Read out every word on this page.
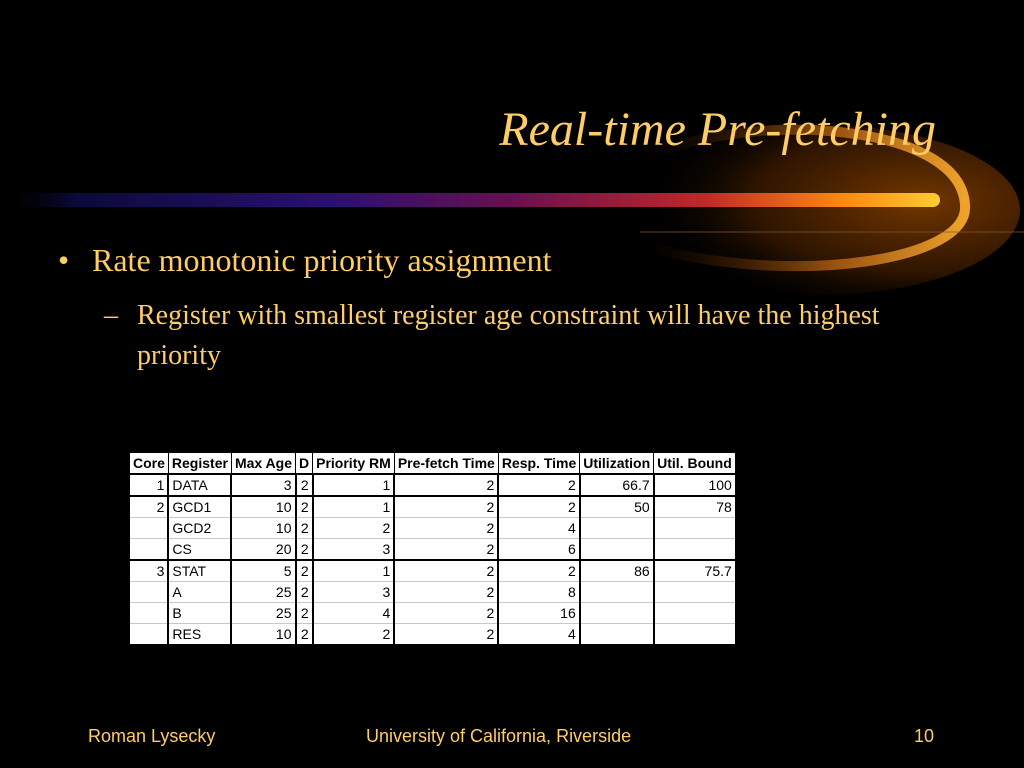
Real-time Pre-fetching
• Rate monotonic priority assignment
– Register with smallest register age constraint will have the highest priority
Core	Register	Max Age	D	Priority RM	Pre-fetch Time	Resp. Time	Utilization	Util. Bound
1	DATA	3	2	1	2	2	66.7	100
2	GCD1	10	2	1	2	2	50	78
	GCD2	10	2	2	2	4		
	CS	20	2	3	2	6		
3	STAT	5	2	1	2	2	86	75.7
	A	25	2	3	2	8		
	B	25	2	4	2	16		
	RES	10	2	2	2	4		
Roman Lysecky	University of California, Riverside	10
